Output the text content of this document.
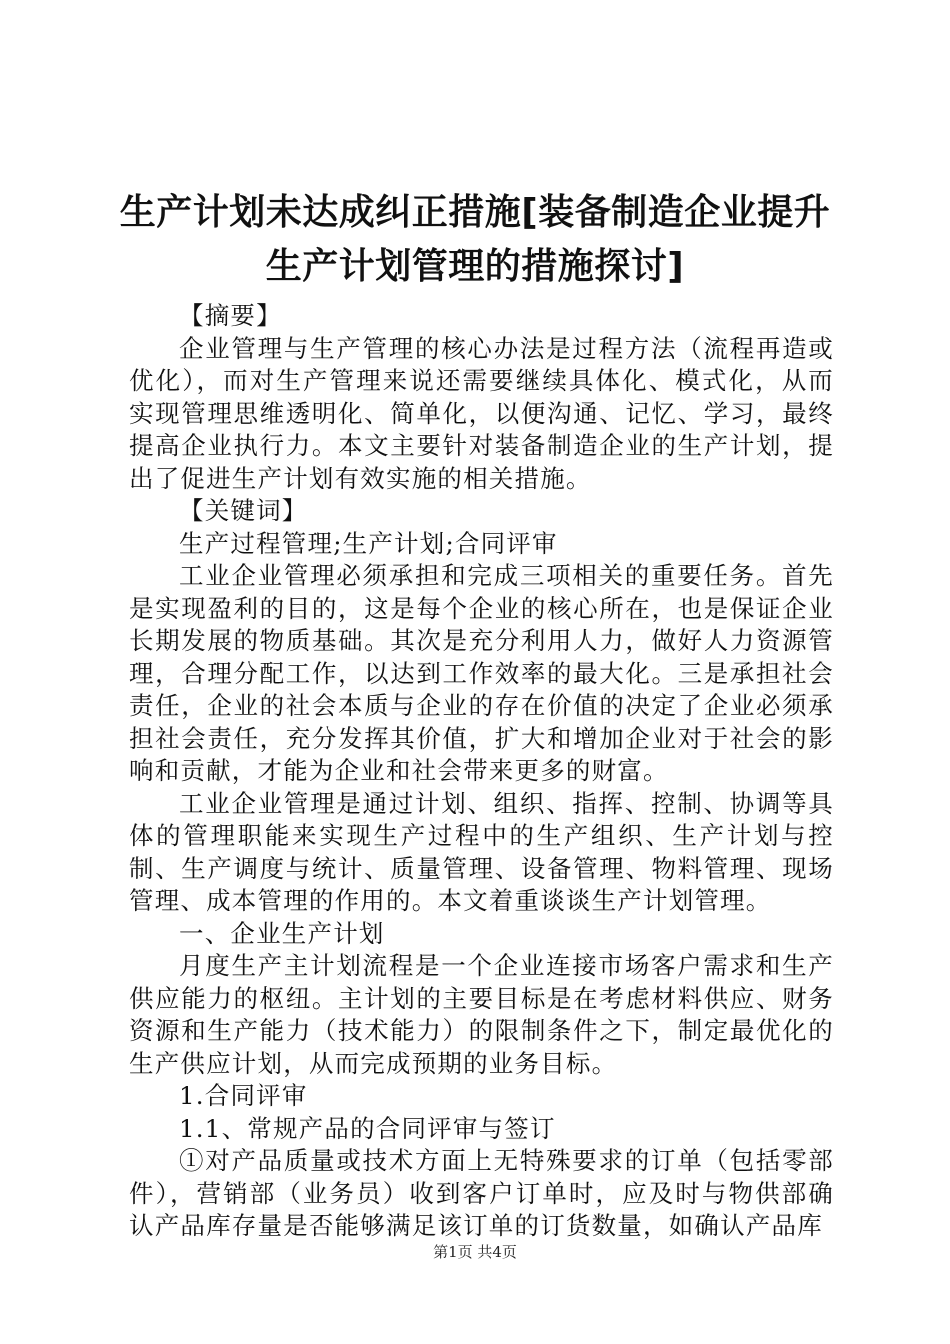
生产计划未达成纠正措施[装备制造企业提升
生产计划管理的措施探讨]

【摘要】

企业管理与生产管理的核心办法是过程方法（流程再造或优化），而对生产管理来说还需要继续具体化、模式化，从而实现管理思维透明化、简单化，以便沟通、记忆、学习，最终提高企业执行力。本文主要针对装备制造企业的生产计划，提出了促进生产计划有效实施的相关措施。

【关键词】

生产过程管理;生产计划;合同评审

工业企业管理必须承担和完成三项相关的重要任务。首先是实现盈利的目的，这是每个企业的核心所在，也是保证企业长期发展的物质基础。其次是充分利用人力，做好人力资源管理，合理分配工作，以达到工作效率的最大化。三是承担社会责任，企业的社会本质与企业的存在价值的决定了企业必须承担社会责任，充分发挥其价值，扩大和增加企业对于社会的影响和贡献，才能为企业和社会带来更多的财富。

工业企业管理是通过计划、组织、指挥、控制、协调等具体的管理职能来实现生产过程中的生产组织、生产计划与控制、生产调度与统计、质量管理、设备管理、物料管理、现场管理、成本管理的作用的。本文着重谈谈生产计划管理。

一、企业生产计划

月度生产主计划流程是一个企业连接市场客户需求和生产供应能力的枢纽。主计划的主要目标是在考虑材料供应、财务资源和生产能力（技术能力）的限制条件之下，制定最优化的生产供应计划，从而完成预期的业务目标。

1.合同评审

1.1、常规产品的合同评审与签订

①对产品质量或技术方面上无特殊要求的订单（包括零部件），营销部（业务员）收到客户订单时，应及时与物供部确认产品库存量是否能够满足该订单的订货数量，如确认产品库

第1页 共4页
